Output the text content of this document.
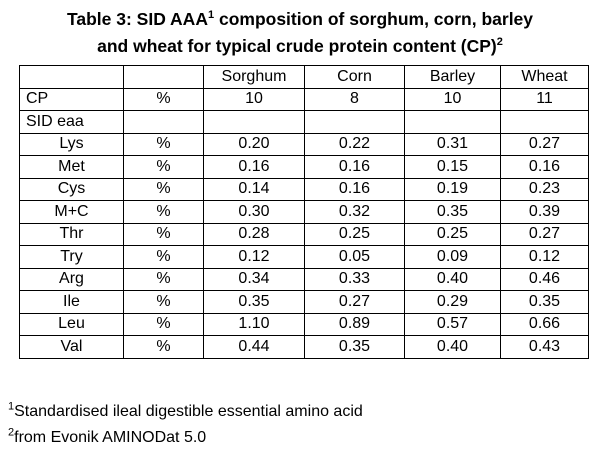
Table 3: SID AAA$^1$ composition of sorghum, corn, barley
and wheat for typical crude protein content (CP)$^2$
		Sorghum	Corn	Barley	Wheat
CP	%	10	8	10	11
SID eaa					
Lys	%	0.20	0.22	0.31	0.27
Met	%	0.16	0.16	0.15	0.16
Cys	%	0.14	0.16	0.19	0.23
M+C	%	0.30	0.32	0.35	0.39
Thr	%	0.28	0.25	0.25	0.27
Try	%	0.12	0.05	0.09	0.12
Arg	%	0.34	0.33	0.40	0.46
Ile	%	0.35	0.27	0.29	0.35
Leu	%	1.10	0.89	0.57	0.66
Val	%	0.44	0.35	0.40	0.43
$^1$Standardised ileal digestible essential amino acid
$^2$from Evonik AMINODat 5.0
